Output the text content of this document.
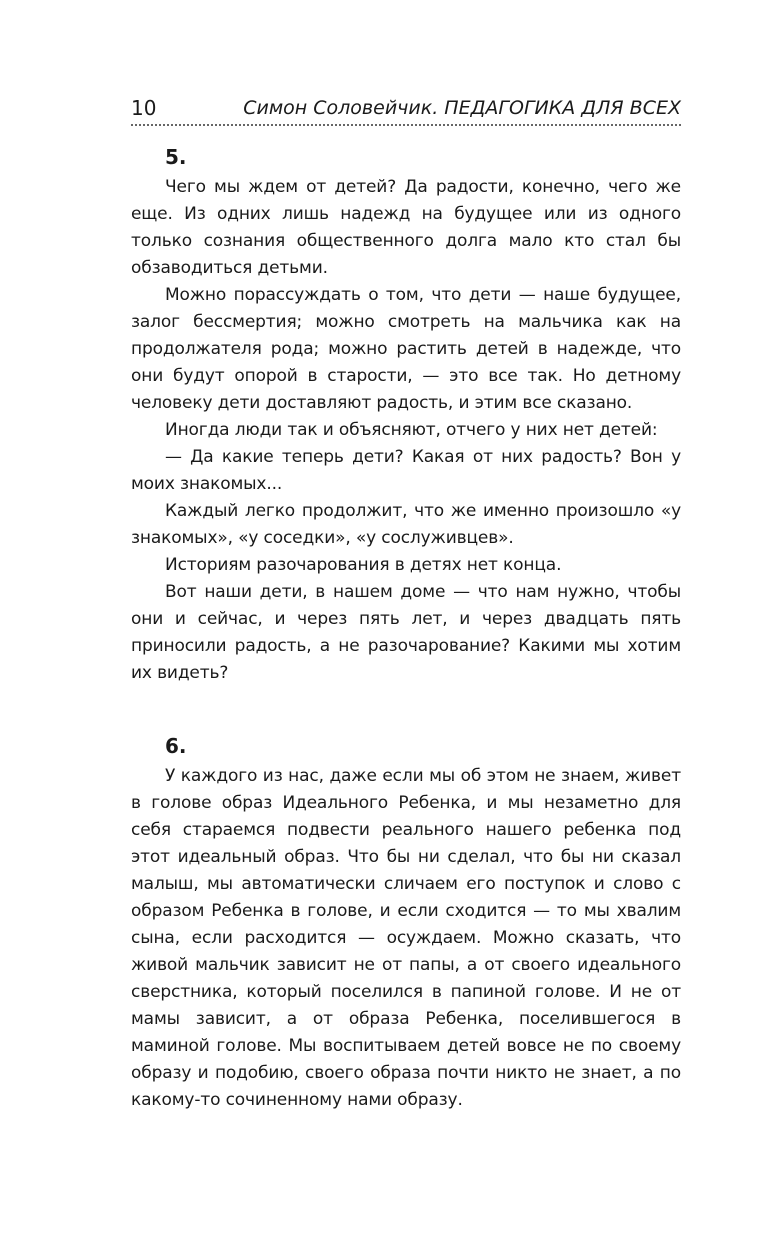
10	Симон Соловейчик. ПЕДАГОГИКА ДЛЯ ВСЕХ
5.

Чего мы ждем от детей? Да радости, конечно, чего же еще. Из одних лишь надежд на будущее или из одного только сознания общественного долга мало кто стал бы обзаводиться детьми.

Можно порассуждать о том, что дети — наше будущее, залог бессмертия; можно смотреть на мальчика как на продолжателя рода; можно растить детей в надежде, что они будут опорой в старости, — это все так. Но детному человеку дети доставляют радость, и этим все сказано.

Иногда люди так и объясняют, отчего у них нет детей:

— Да какие теперь дети? Какая от них радость? Вон у моих знакомых...

Каждый легко продолжит, что же именно произошло «у знакомых», «у соседки», «у сослуживцев».

Историям разочарования в детях нет конца.

Вот наши дети, в нашем доме — что нам нужно, чтобы они и сейчас, и через пять лет, и через двадцать пять приносили радость, а не разочарование? Какими мы хотим их видеть?

6.

У каждого из нас, даже если мы об этом не знаем, живет в голове образ Идеального Ребенка, и мы незаметно для себя стараемся подвести реального нашего ребенка под этот идеальный образ. Что бы ни сделал, что бы ни сказал малыш, мы автоматически сличаем его поступок и слово с образом Ребенка в голове, и если сходится — то мы хвалим сына, если расходится — осуждаем. Можно сказать, что живой мальчик зависит не от папы, а от своего идеального сверстника, который поселился в папиной голове. И не от мамы зависит, а от образа Ребенка, поселившегося в маминой голове. Мы воспитываем детей вовсе не по своему образу и подобию, своего образа почти никто не знает, а по какому-то сочиненному нами образу.
